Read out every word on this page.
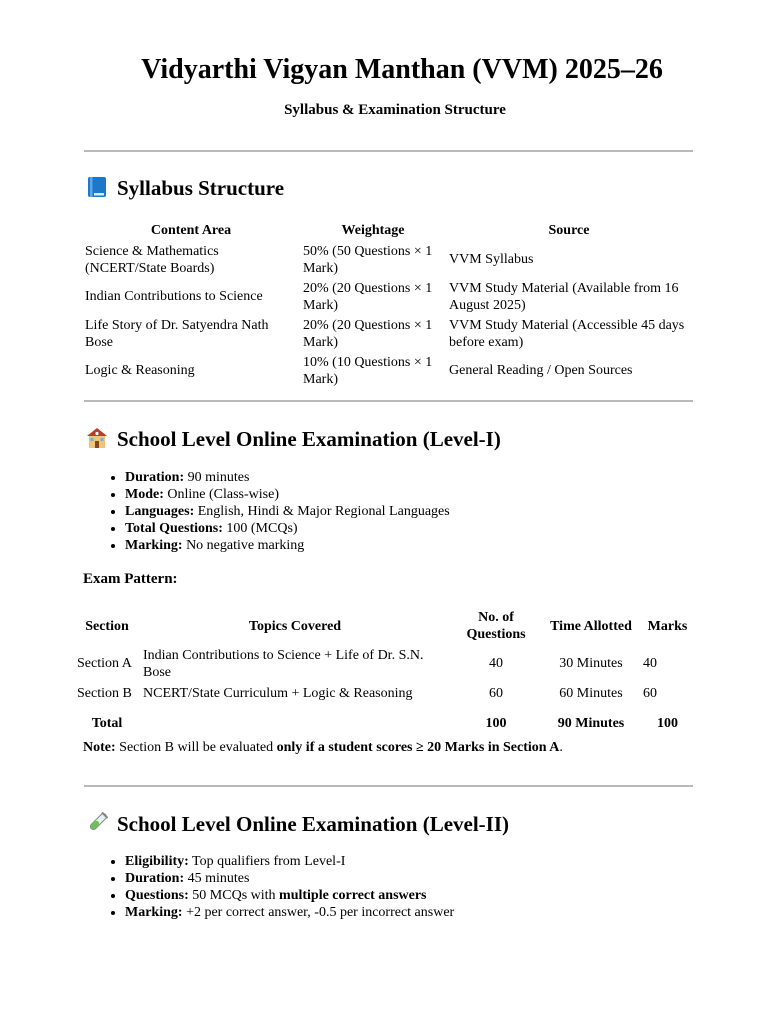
Vidyarthi Vigyan Manthan (VVM) 2025–26

Syllabus & Examination Structure

Syllabus Structure
Content Area	Weightage	Source
Science & Mathematics (NCERT/State Boards)	50% (50 Questions × 1 Mark)	VVM Syllabus
Indian Contributions to Science	20% (20 Questions × 1 Mark)	VVM Study Material (Available from 16 August 2025)
Life Story of Dr. Satyendra Nath Bose	20% (20 Questions × 1 Mark)	VVM Study Material (Accessible 45 days before exam)
Logic & Reasoning	10% (10 Questions × 1 Mark)	General Reading / Open Sources
School Level Online Examination (Level-I)
• Duration: 90 minutes
• Mode: Online (Class-wise)
• Languages: English, Hindi & Major Regional Languages
• Total Questions: 100 (MCQs)
• Marking: No negative marking
Exam Pattern:
Section	Topics Covered	No. of Questions	Time Allotted	Marks
Section A	Indian Contributions to Science + Life of Dr. S.N. Bose	40	30 Minutes	40
Section B	NCERT/State Curriculum + Logic & Reasoning	60	60 Minutes	60
Total		100	90 Minutes	100

Note: Section B will be evaluated only if a student scores ≥ 20 Marks in Section A.

School Level Online Examination (Level-II)
• Eligibility: Top qualifiers from Level-I
• Duration: 45 minutes
• Questions: 50 MCQs with multiple correct answers
• Marking: +2 per correct answer, -0.5 per incorrect answer
